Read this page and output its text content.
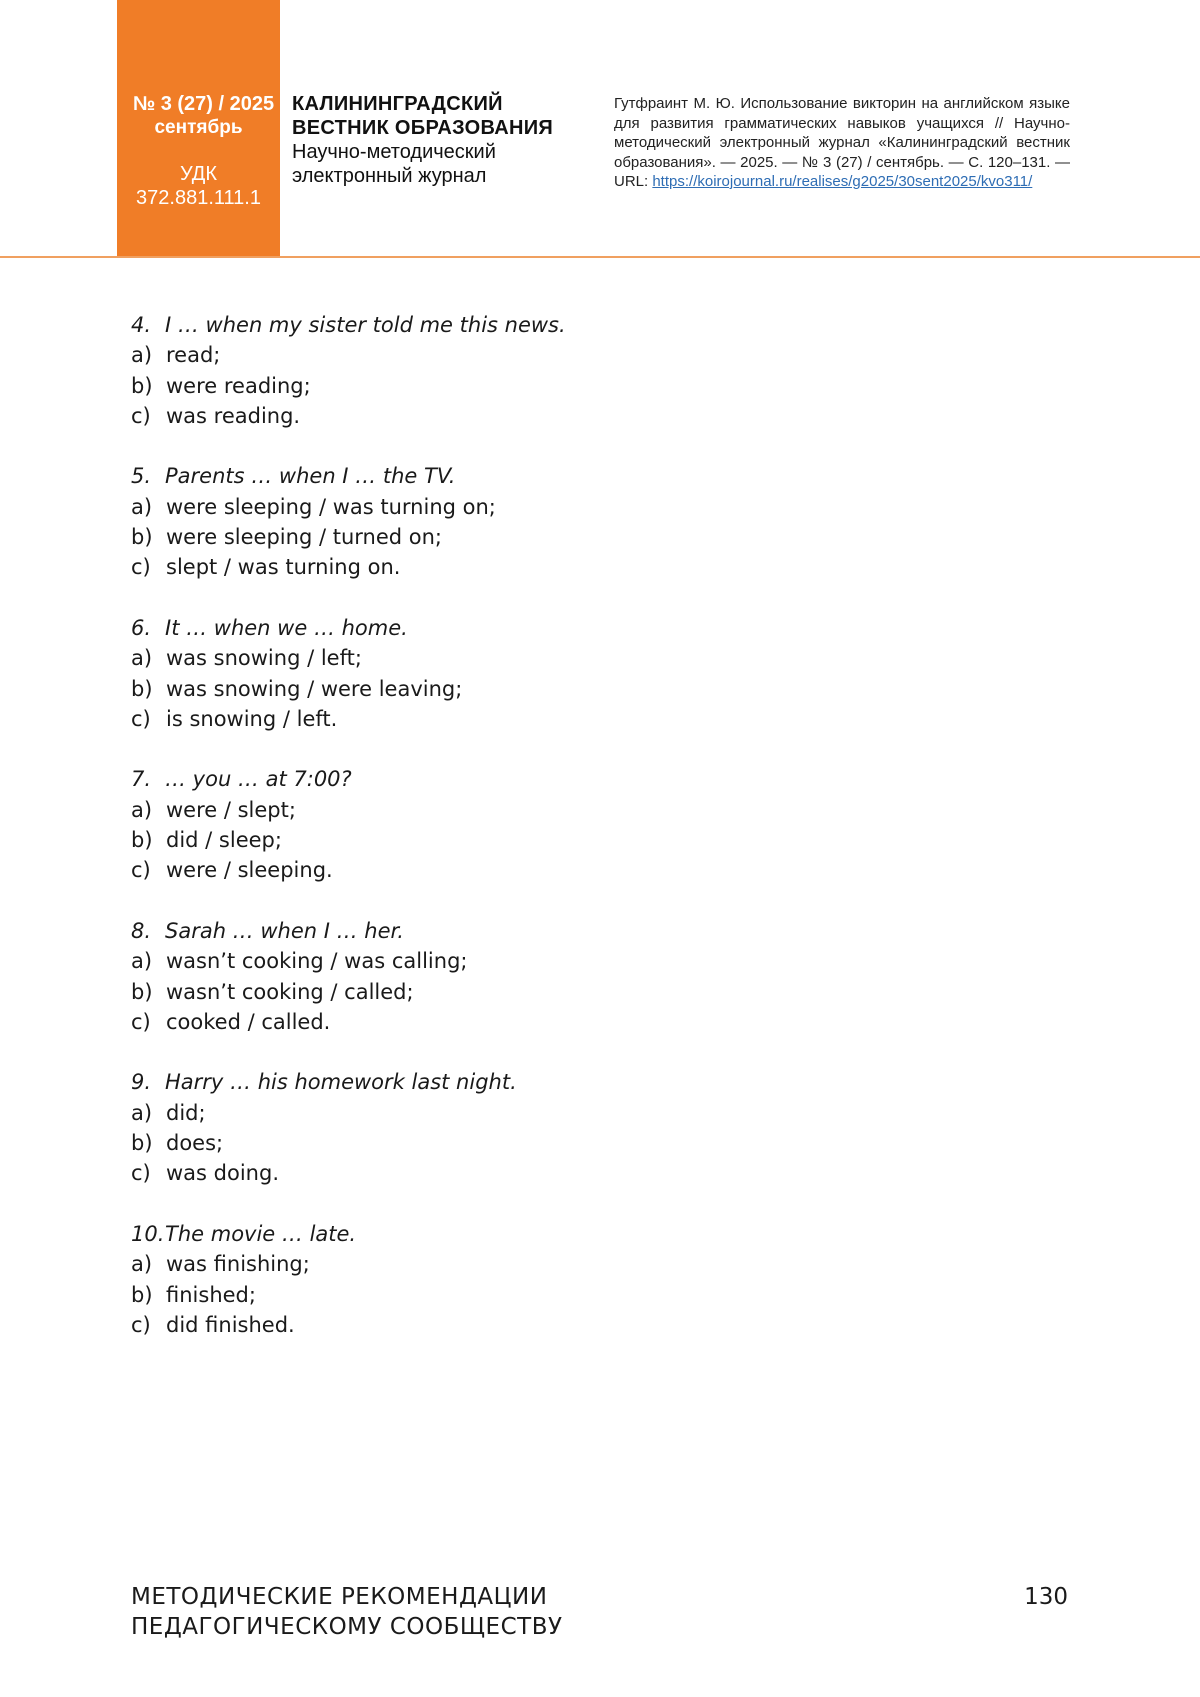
№ 3 (27) / 2025
сентябрь
УДК
372.881.111.1
КАЛИНИНГРАДСКИЙ
ВЕСТНИК ОБРАЗОВАНИЯ
Научно-методический
электронный журнал
Гутфраинт М. Ю. Использование викторин на английском языке для развития грамматических навыков учащихся // Научно-методический электронный журнал «Калининградский вестник образования». — 2025. — № 3 (27) / сентябрь. — С. 120–131. — URL: https://koirojournal.ru/realises/g2025/30sent2025/kvo311/
4. I … when my sister told me this news.
a) read;
b) were reading;
c) was reading.
5. Parents … when I … the TV.
a) were sleeping / was turning on;
b) were sleeping / turned on;
c) slept / was turning on.
6. It … when we … home.
a) was snowing / left;
b) was snowing / were leaving;
c) is snowing / left.
7. … you … at 7:00?
a) were / slept;
b) did / sleep;
c) were / sleeping.
8. Sarah … when I … her.
a) wasn’t cooking / was calling;
b) wasn’t cooking / called;
c) cooked / called.
9. Harry … his homework last night.
a) did;
b) does;
c) was doing.
10.The movie … late.
a) was finishing;
b) finished;
c) did finished.
МЕТОДИЧЕСКИЕ РЕКОМЕНДАЦИИ
ПЕДАГОГИЧЕСКОМУ СООБЩЕСТВУ
130
